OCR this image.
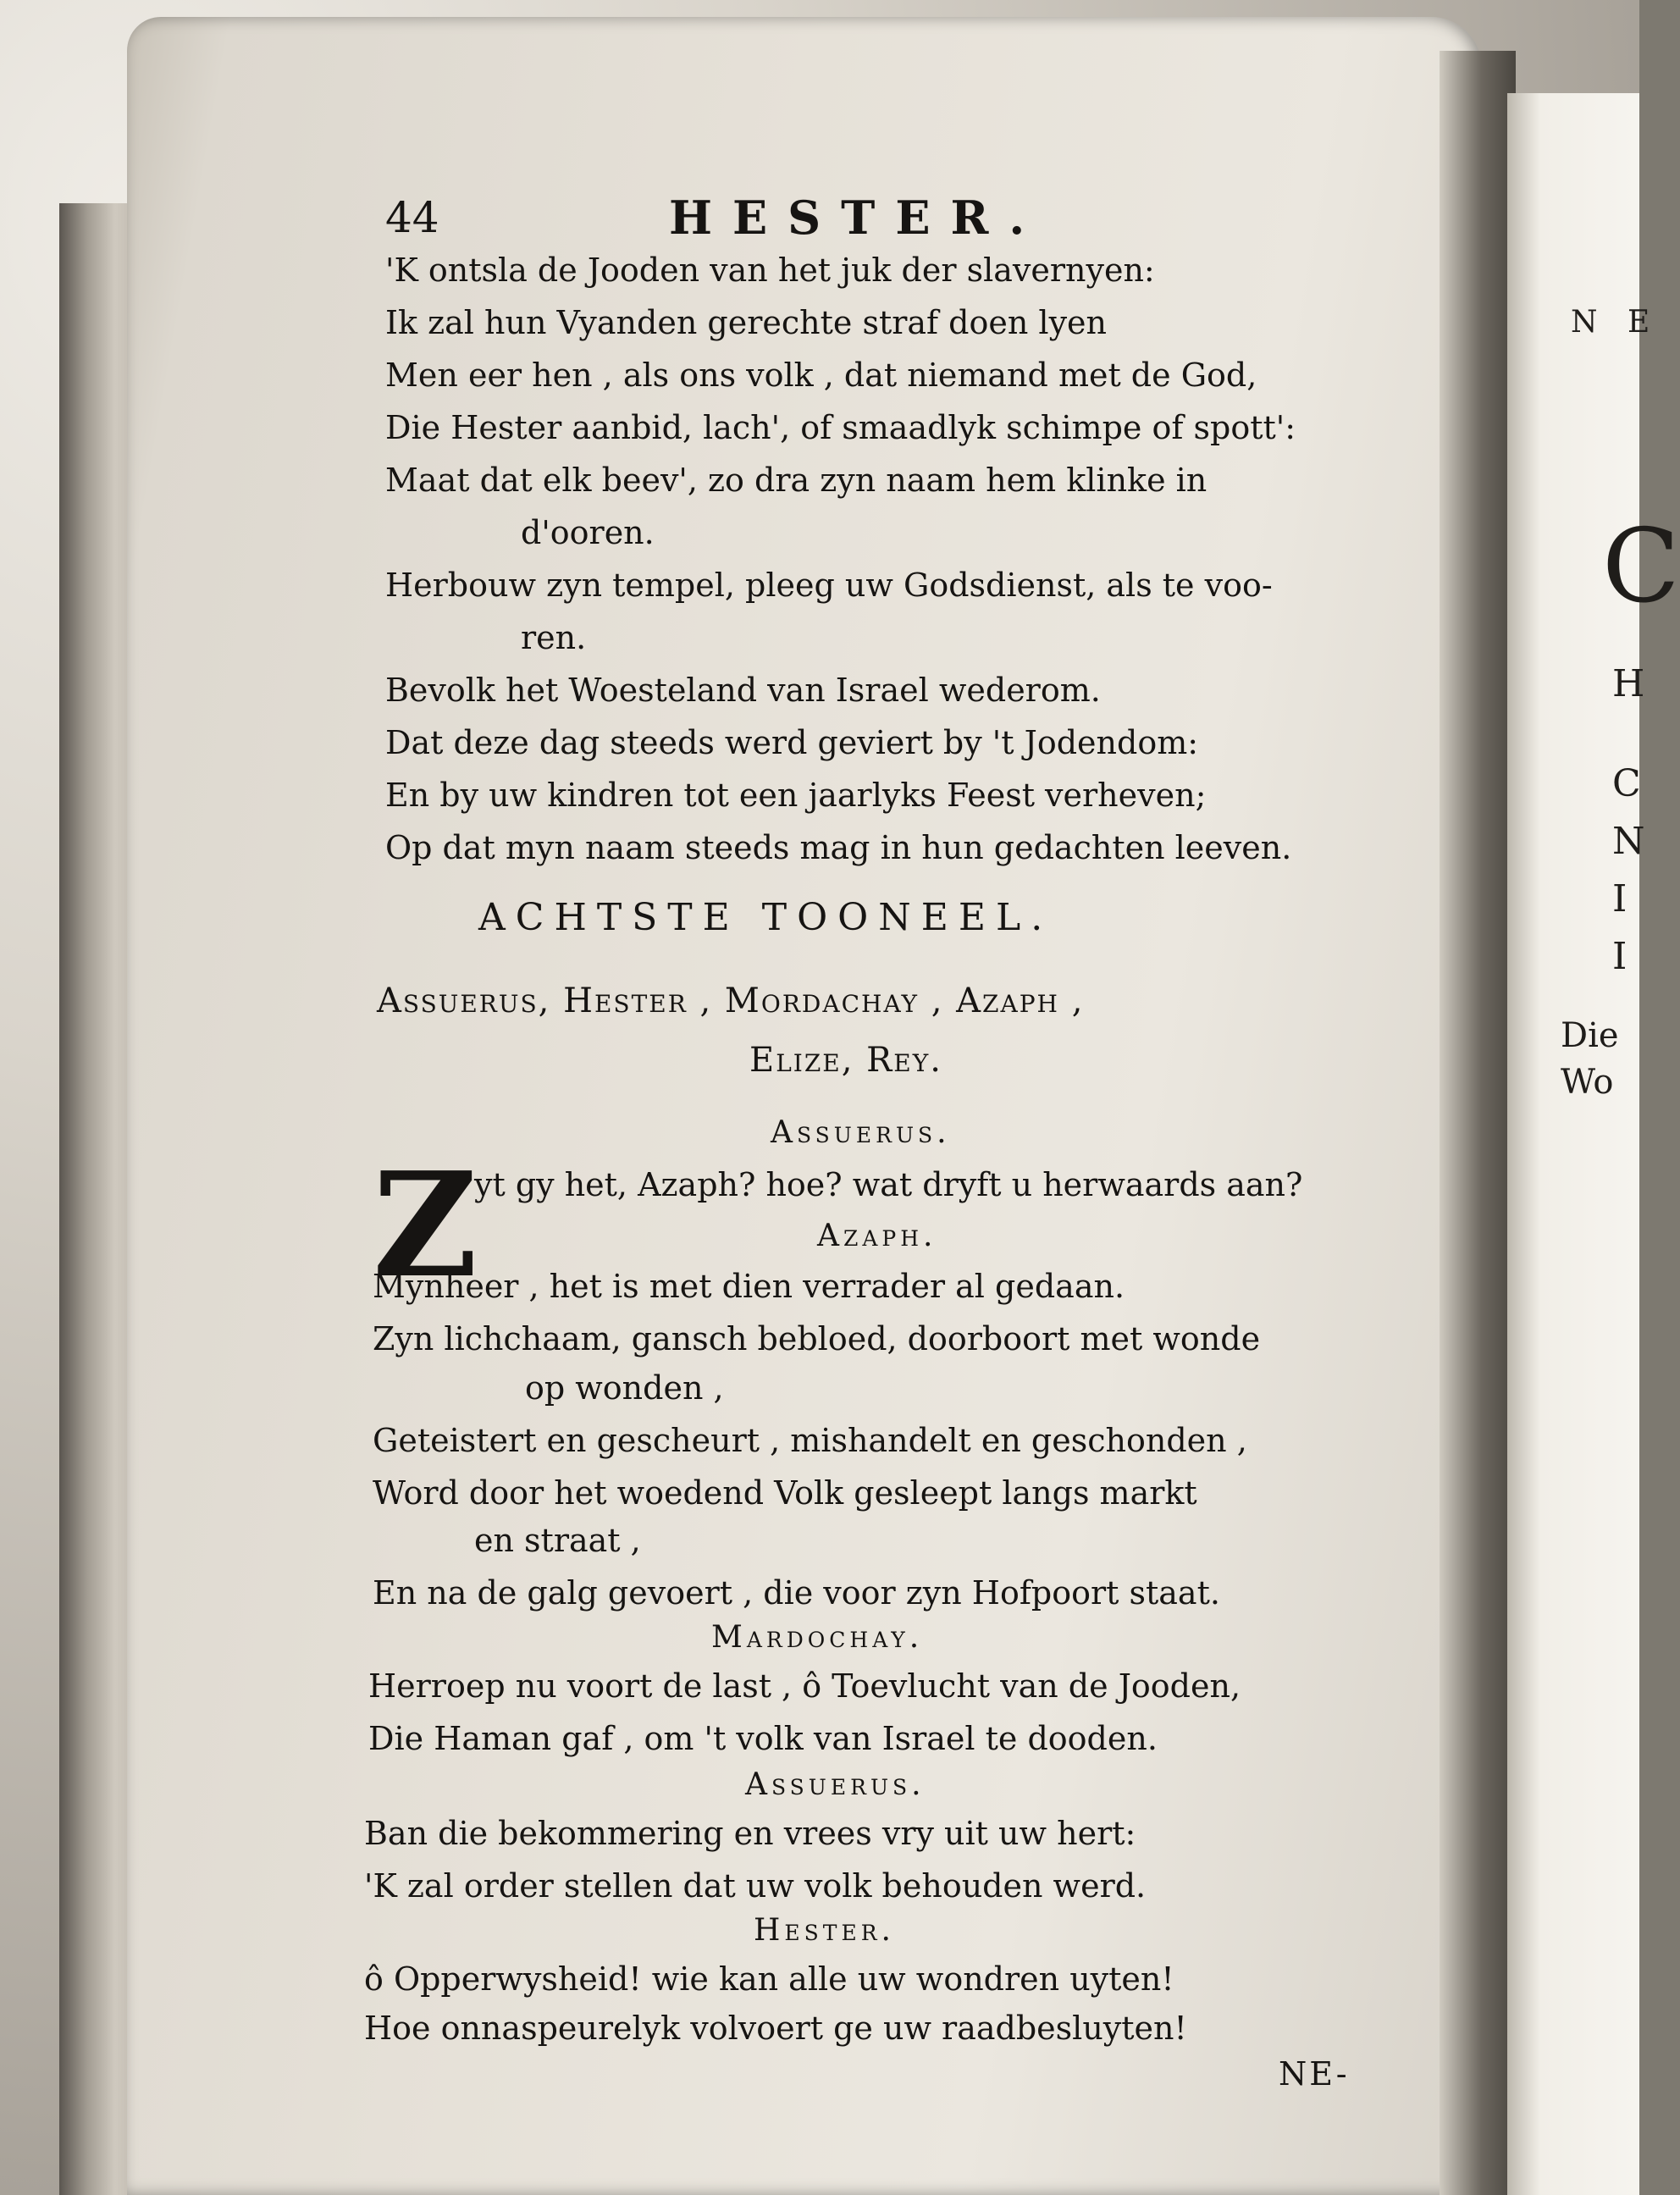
N E
C
H
C
N
I
I
Die
Wo
44	HESTER.
'K ontsla de Jooden van het juk der slavernyen:
Ik zal hun Vyanden gerechte straf doen lyen
Men eer hen , als ons volk , dat niemand met de God,
Die Hester aanbid, lach', of smaadlyk schimpe of spott':
Maat dat elk beev', zo dra zyn naam hem klinke in
d'ooren.
Herbouw zyn tempel, pleeg uw Godsdienst, als te voo-
ren.
Bevolk het Woesteland van Israel wederom.
Dat deze dag steeds werd geviert by 't Jodendom:
En by uw kindren tot een jaarlyks Feest verheven;
Op dat myn naam steeds mag in hun gedachten leeven.
ACHTSTE TOONEEL.
Assuerus, Hester , Mordachay , Azaph ,
Elize, Rey.
Assuerus.
Z
yt gy het, Azaph? hoe? wat dryft u herwaards aan?
Azaph.
Mynheer , het is met dien verrader al gedaan.
Zyn lichchaam, gansch bebloed, doorboort met wonde
op wonden ,
Geteistert en gescheurt , mishandelt en geschonden ,
Word door het woedend Volk gesleept langs markt
en straat ,
En na de galg gevoert , die voor zyn Hofpoort staat.
Mardochay.
Herroep nu voort de last , ô Toevlucht van de Jooden,
Die Haman gaf , om 't volk van Israel te dooden.
Assuerus.
Ban die bekommering en vrees vry uit uw hert:
'K zal order stellen dat uw volk behouden werd.
Hester.
ô Opperwysheid! wie kan alle uw wondren uyten!
Hoe onnaspeurelyk volvoert ge uw raadbesluyten!
NE-
